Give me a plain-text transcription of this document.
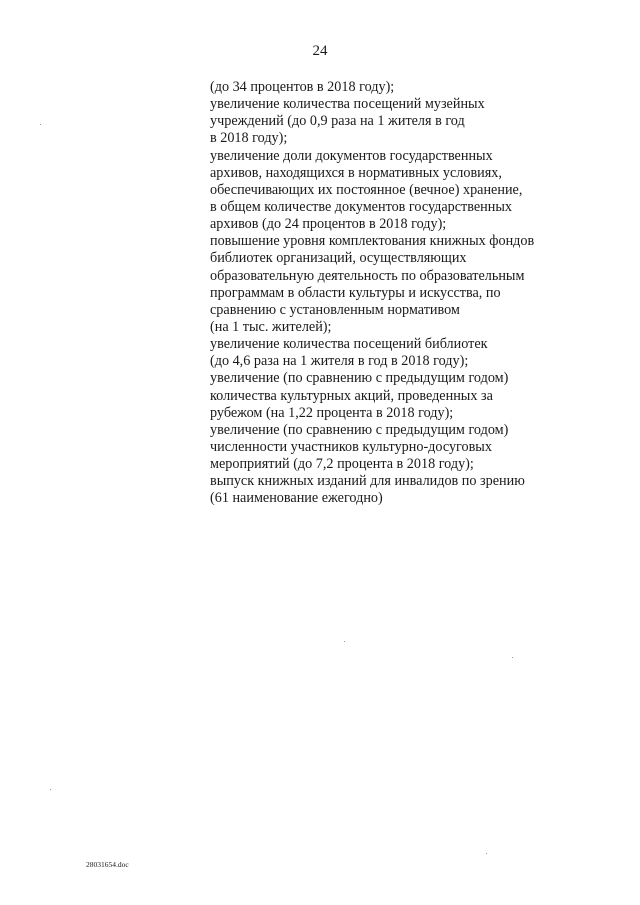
24
(до 34 процентов в 2018 году);
увеличение количества посещений музейных
учреждений (до 0,9 раза на 1 жителя в год
в 2018 году);
увеличение доли документов государственных
архивов, находящихся в нормативных условиях,
обеспечивающих их постоянное (вечное) хранение,
в общем количестве документов государственных
архивов (до 24 процентов в 2018 году);
повышение уровня комплектования книжных фондов
библиотек организаций, осуществляющих
образовательную деятельность по образовательным
программам в области культуры и искусства, по
сравнению с установленным нормативом
(на 1 тыс. жителей);
увеличение количества посещений библиотек
(до 4,6 раза на 1 жителя в год в 2018 году);
увеличение (по сравнению с предыдущим годом)
количества культурных акций, проведенных за
рубежом (на 1,22 процента в 2018 году);
увеличение (по сравнению с предыдущим годом)
численности участников культурно-досуговых
мероприятий (до 7,2 процента в 2018 году);
выпуск книжных изданий для инвалидов по зрению
(61 наименование ежегодно)
28031654.doc
